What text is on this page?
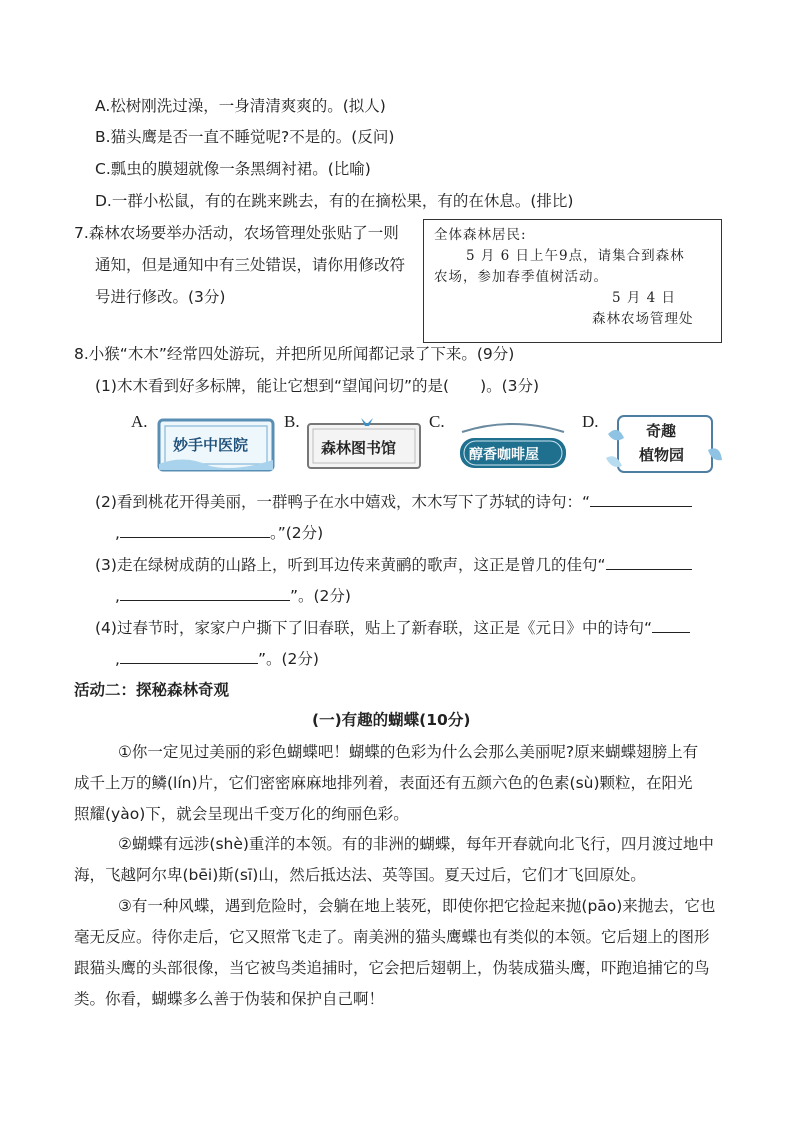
A.松树刚洗过澡，一身清清爽爽的。(拟人)
B.猫头鹰是否一直不睡觉呢?不是的。(反问)
C.瓢虫的膜翅就像一条黑绸衬裙。(比喻)
D.一群小松鼠，有的在跳来跳去，有的在摘松果，有的在休息。(排比)
7.森林农场要举办活动，农场管理处张贴了一则
通知，但是通知中有三处错误，请你用修改符
号进行修改。(3分)
全体森林居民:
5 月 6 日上午9点，请集合到森林
农场，参加春季值树活动。
5 月 4 日
森林农场管理处
8.小猴“木木”经常四处游玩，并把所见所闻都记录了下来。(9分)
(1)木木看到好多标牌，能让它想到“望闻问切”的是(　　)。(3分)
A.
妙手中医院
B.
森林图书馆
C.
醇香咖啡屋
D.	奇趣
植物园
(2)看到桃花开得美丽，一群鸭子在水中嬉戏，木木写下了苏轼的诗句：“
,	。”(2分)
(3)走在绿树成荫的山路上，听到耳边传来黄鹂的歌声，这正是曾几的佳句“
,	”。(2分)
(4)过春节时，家家户户撕下了旧春联，贴上了新春联，这正是《元日》中的诗句“
,	”。(2分)
活动二：探秘森林奇观
(一)有趣的蝴蝶(10分)
①你一定见过美丽的彩色蝴蝶吧！蝴蝶的色彩为什么会那么美丽呢?原来蝴蝶翅膀上有
成千上万的鳞(lín)片，它们密密麻麻地排列着，表面还有五颜六色的色素(sù)颗粒，在阳光
照耀(yào)下，就会呈现出千变万化的绚丽色彩。
②蝴蝶有远涉(shè)重洋的本领。有的非洲的蝴蝶，每年开春就向北飞行，四月渡过地中
海，飞越阿尔卑(bēi)斯(sī)山，然后抵达法、英等国。夏天过后，它们才飞回原处。
③有一种风蝶，遇到危险时，会躺在地上装死，即使你把它捡起来抛(pāo)来抛去，它也
毫无反应。待你走后，它又照常飞走了。南美洲的猫头鹰蝶也有类似的本领。它后翅上的图形
跟猫头鹰的头部很像，当它被鸟类追捕时，它会把后翅朝上，伪装成猫头鹰，吓跑追捕它的鸟
类。你看，蝴蝶多么善于伪装和保护自己啊！
